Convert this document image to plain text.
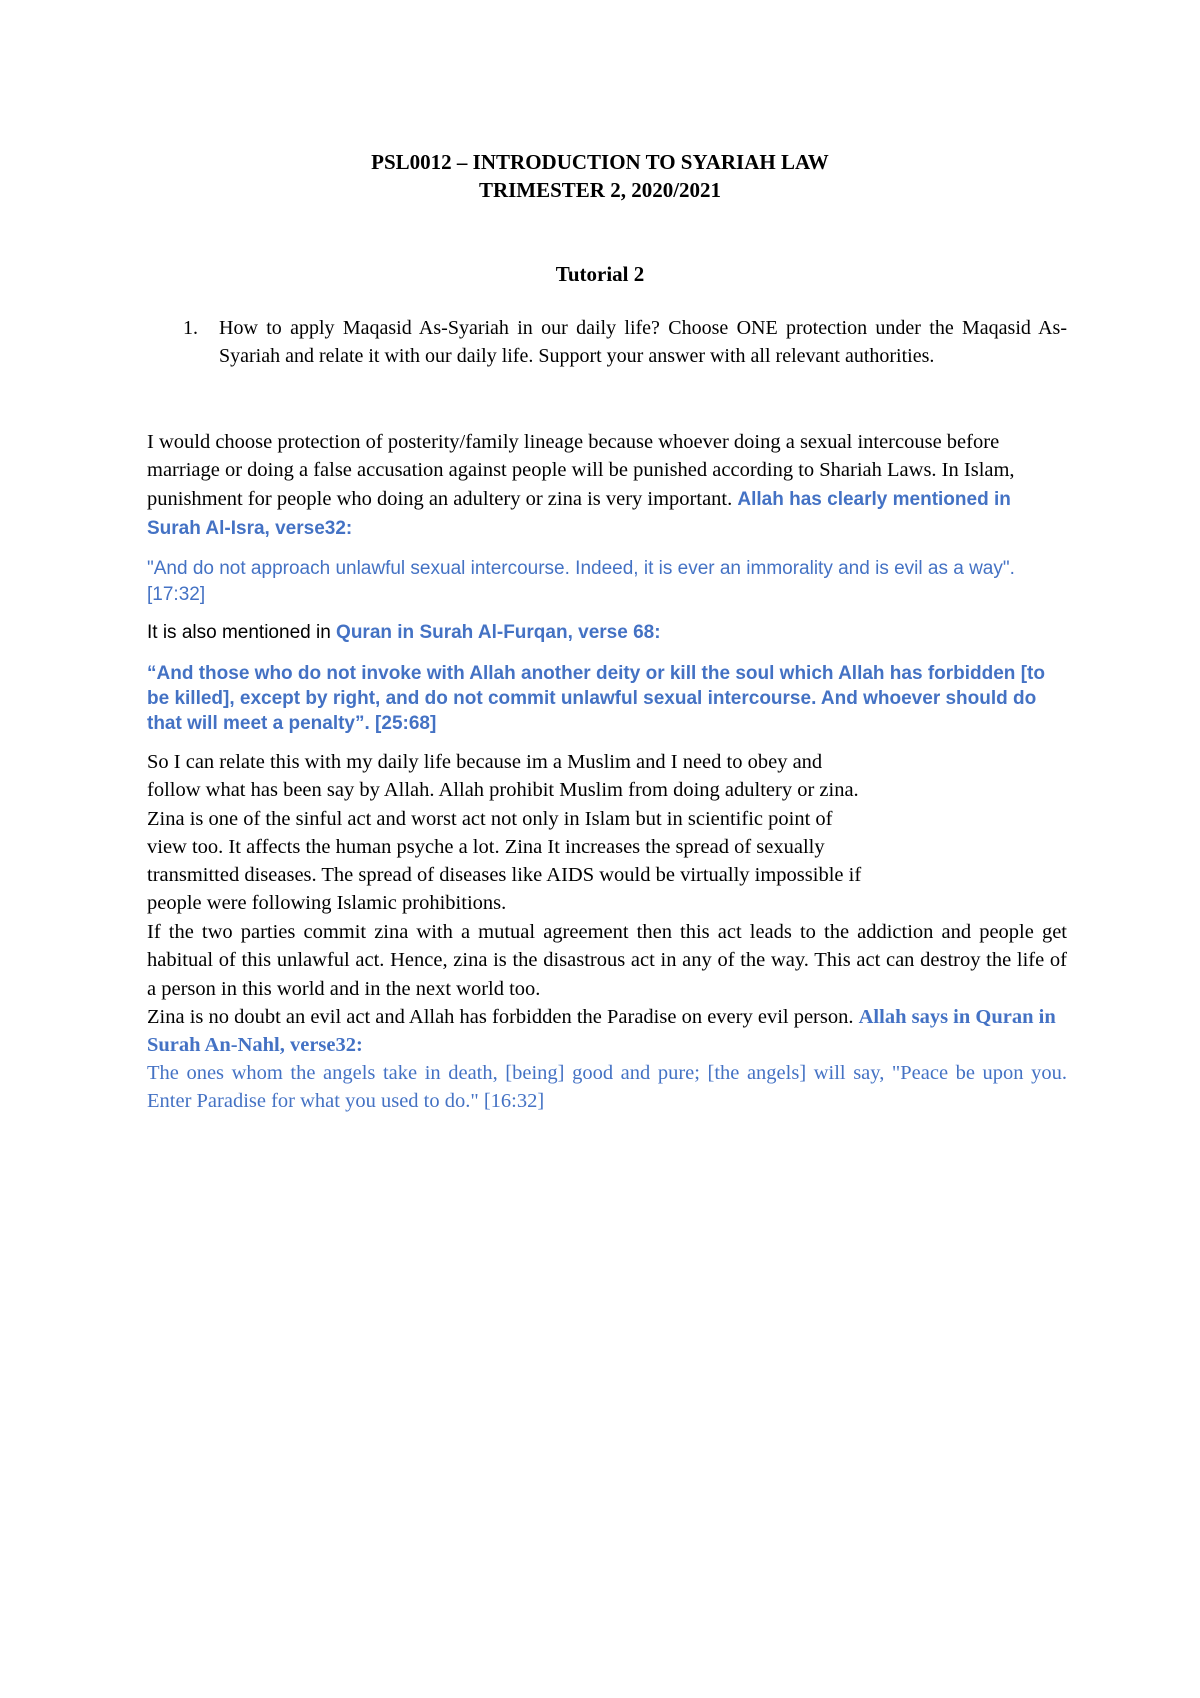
PSL0012 – INTRODUCTION TO SYARIAH LAW
TRIMESTER 2, 2020/2021
Tutorial 2
1. How to apply Maqasid As-Syariah in our daily life? Choose ONE protection under the Maqasid As-Syariah and relate it with our daily life. Support your answer with all relevant authorities.
I would choose protection of posterity/family lineage because whoever doing a sexual intercouse before marriage or doing a false accusation against people will be punished according to Shariah Laws. In Islam, punishment for people who doing an adultery or zina is very important. Allah has clearly mentioned in Surah Al-Isra, verse32:
"And do not approach unlawful sexual intercourse. Indeed, it is ever an immorality and is evil as a way". [17:32]
It is also mentioned in Quran in Surah Al-Furqan, verse 68:
“And those who do not invoke with Allah another deity or kill the soul which Allah has forbidden [to be killed], except by right, and do not commit unlawful sexual intercourse. And whoever should do that will meet a penalty”. [25:68]
So I can relate this with my daily life because im a Muslim and I need to obey and
follow what has been say by Allah. Allah prohibit Muslim from doing adultery or zina.
Zina is one of the sinful act and worst act not only in Islam but in scientific point of
view too. It affects the human psyche a lot. Zina It increases the spread of sexually
transmitted diseases. The spread of diseases like AIDS would be virtually impossible if
people were following Islamic prohibitions.
If the two parties commit zina with a mutual agreement then this act leads to the addiction and people get habitual of this unlawful act. Hence, zina is the disastrous act in any of the way. This act can destroy the life of a person in this world and in the next world too.
Zina is no doubt an evil act and Allah has forbidden the Paradise on every evil person. Allah says in Quran in Surah An-Nahl, verse32:
The ones whom the angels take in death, [being] good and pure; [the angels] will say, "Peace be upon you. Enter Paradise for what you used to do." [16:32]
